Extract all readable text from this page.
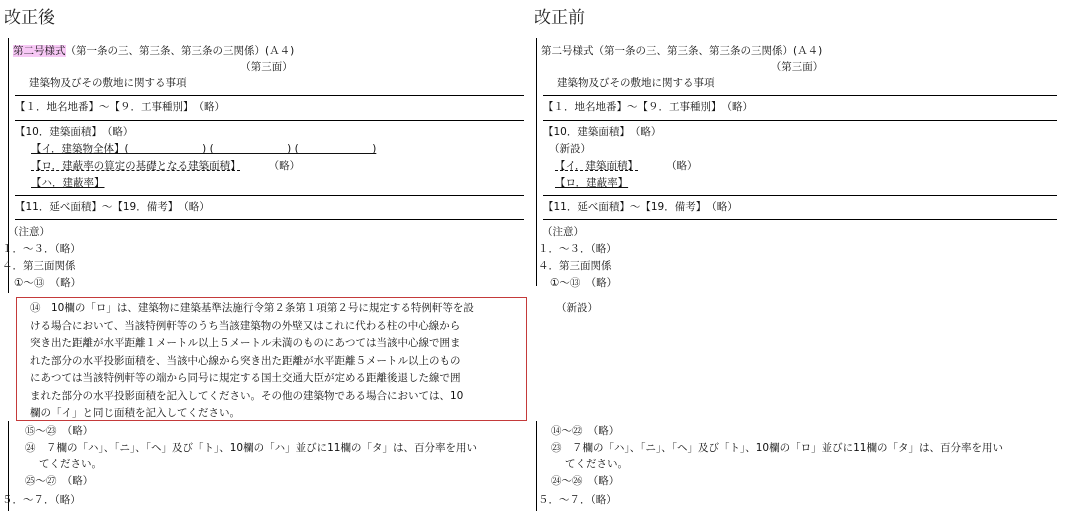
改正後
第二号様式（第一条の三、第三条、第三条の三関係）(Ａ４)
（第三面）
建築物及びその敷地に関する事項
【１．地名地番】～【９．工事種別】　（略）
【10．建築面積】　（略）
【イ．建築物全体】(　　　　　　　) (　　　　　　　) (　　　　　　　)
【ロ．建蔽率の算定の基礎となる建築面積】	（略）
【ハ．建蔽率】
【11．延べ面積】～【19．備考】　（略）
（注意）
１．～３．（略）
４．第三面関係
①～⑬　（略）
⑭　10欄の「ロ」は、建築物に建築基準法施行令第２条第１項第２号に規定する特例軒等を設
ける場合において、当該特例軒等のうち当該建築物の外壁又はこれに代わる柱の中心線から
突き出た距離が水平距離１メートル以上５メートル未満のものにあつては当該中心線で囲ま
れた部分の水平投影面積を、当該中心線から突き出た距離が水平距離５メートル以上のもの
にあつては当該特例軒等の端から同号に規定する国土交通大臣が定める距離後退した線で囲
まれた部分の水平投影面積を記入してください。その他の建築物である場合においては、10
欄の「イ」と同じ面積を記入してください。
⑮～㉓　（略）
㉔　７欄の「ハ」、「ニ」、「ヘ」及び「ト」、10欄の「ハ」並びに11欄の「タ」は、百分率を用い
てください。
㉕～㉗　（略）
５．～７．（略）
改正前
第二号様式（第一条の三、第三条、第三条の三関係）(Ａ４)
（第三面）
建築物及びその敷地に関する事項
【１．地名地番】～【９．工事種別】　（略）
【10．建築面積】　（略）
（新設）
【イ．建築面積】	（略）
【ロ．建蔽率】
【11．延べ面積】～【19．備考】　（略）
（注意）
１．～３．（略）
４．第三面関係
①～⑬　（略）
（新設）
⑭～㉒　（略）
㉓　７欄の「ハ」、「ニ」、「ヘ」及び「ト」、10欄の「ロ」並びに11欄の「タ」は、百分率を用い
てください。
㉔～㉖　（略）
５．～７．（略）
